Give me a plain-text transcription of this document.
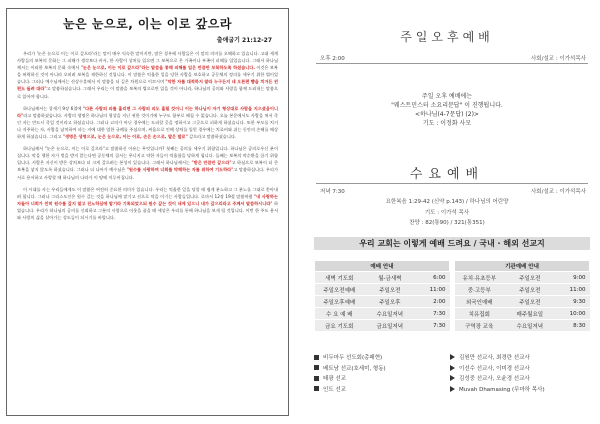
눈은 눈으로, 이는 이로 갚으라
출애굽기 21:12-27

우리가 '눈은 눈으로 이는 이로 갚으라'라는 말이 매우 익숙한 말이지만, 많은 경우에 사람들은 이 말의 의미를 오해하고 있습니다. 고대 세계 사람들의 보복의 문화는 그 피해가 생각보다 커서, 한 사람이 상처를 입으면 그 보복으로 온 가족이나 부족이 피해를 입었습니다. 그래서 하나님께서는 이러한 보복의 문화 속에서 "눈은 눈으로, 이는 이로 갚으라"라는 말씀을 통해 피해를 입은 만큼만 보복하도록 하셨습니다. 이것은 보복을 허락하신 것이 아니라 오히려 보복을 제한하신 것입니다. 이 말씀은 억울한 일을 당한 사람을 보호하고 공동체의 정의를 세우기 위한 법이었습니다. 그러나 예수님께서는 산상수훈에서 이 말씀을 더 깊은 차원으로 이끄시며 "악한 자를 대적하지 말라 누구든지 네 오른편 뺨을 치거든 왼편도 돌려 대라"고 말씀하셨습니다. 그래서 우리는 이 말씀을 보복의 법으로만 읽을 것이 아니라, 하나님의 공의와 사랑을 함께 드러내는 말씀으로 읽어야 합니다.

하나님께서는 창세기 9장 6절에 "다른 사람의 피를 흘리면 그 사람의 피도 흘릴 것이니 이는 하나님이 자기 형상대로 사람을 지으셨음이니라"라고 말씀하셨습니다. 사람의 생명은 하나님의 형상을 지닌 귀한 것이기에 누구도 함부로 해칠 수 없습니다. 오늘 본문에서도 사람을 쳐서 죽인 자는 반드시 죽일 것이라고 하셨습니다. 그러나 고의가 아닌 경우에는 도피할 곳을 정하시고 그곳으로 피하게 하셨습니다. 또한 부모를 치거나 저주하는 자, 사람을 납치하여 파는 자에 대한 엄한 규례를 주셨으며, 싸움으로 인해 상처를 입힌 경우에는 치료비와 쉬는 동안의 손해를 배상하게 하셨습니다. 그리고 "생명은 생명으로, 눈은 눈으로, 이는 이로, 손은 손으로, 발은 발로" 갚으라고 말씀하셨습니다.

하나님께서 "눈은 눈으로, 이는 이로 갚으라"고 말씀하신 이유는 무엇입니까? 첫째는 공의를 세우기 위함입니다. 하나님은 공의로우신 분이십니다. 악을 행한 자가 벌을 받지 않는다면 공동체의 질서는 무너지고 약한 자들이 억울함을 당하게 됩니다. 둘째는 보복의 악순환을 끊기 위함입니다. 사람은 자신이 받은 상처보다 더 크게 갚으려는 본성이 있습니다. 그래서 하나님께서는 "받은 만큼만 갚으라"고 하심으로 보복이 더 큰 보복을 낳지 않도록 하셨습니다. 그러나 더 나아가 예수님은 "원수를 사랑하며 너희를 박해하는 자를 위하여 기도하라"고 말씀하십니다. 우리가 서로 용서하고 사랑할 때 하나님의 나라가 이 땅에 이루어집니다.

이 시대를 사는 우리들에게도 이 말씀은 여전히 중요한 의미가 있습니다. 우리는 억울한 일을 당할 때 쉽게 분노하고 그 분노를 그대로 쏟아내려 합니다. 그러나 그리스도인은 원수 갚는 것을 하나님께 맡기고 선으로 악을 이기는 사람들입니다. 로마서 12장 19절 말씀처럼 "내 사랑하는 자들아 너희가 친히 원수를 갚지 말고 진노하심에 맡기라 기록되었으되 원수 갚는 것이 내게 있으니 내가 갚으리라고 주께서 말씀하시니라" 하였습니다. 우리가 하나님의 공의를 신뢰하고 그분의 사랑으로 이웃을 품을 때 세상은 우리를 통해 하나님을 보게 될 것입니다. 이번 한 주도 용서와 사랑의 삶을 살아가는 성도들이 되시기를 바랍니다.

주일오후예배
오후 2:00	사회/설교 : 이가석목사
주일 오후 예배에는
"웨스트민스터 소요리문답" 이 진행됩니다.
<하나님(4-7문답) (2)>
기도 : 이정화 사모
수요예배
저녁 7:30	사회/설교 : 이가석목사
요한복음 1:29-42 (신약 p.143) / 하나님의 어린양
기도 : 이가석 목사
찬양 : 82(통90) / 321(통351)
우리 교회는 이렇게 예배 드려요 / 국내 · 해외 선교지
예배 안내		
새벽 기도회	월-금새벽	6:00
주일오전예배	주일오전	11:00
주일오후예배	주일오후	2:00
수 요 예 배	수요일저녁	7:30
금요 기도회	금요일저녁	7:30
기관예배 안내		
유치·유초등부	주일오전	9:00
중·고등부	주일오전	11:00
외국인예배	주일오전	9:30
치유집회	매주월요일	10:00
구역장 교육	수요일저녁	8:30
비두마두 선도회(총패현)	김원만 선교사, 최경란 선교사
베트남 선교(호세미, 형동)	이선수 선교사, 이미경 선교사
태광 선교	김성중 선교사, 오윤경 선교사
인도 선교	Muvah Dhamasing (무마하 목사)
